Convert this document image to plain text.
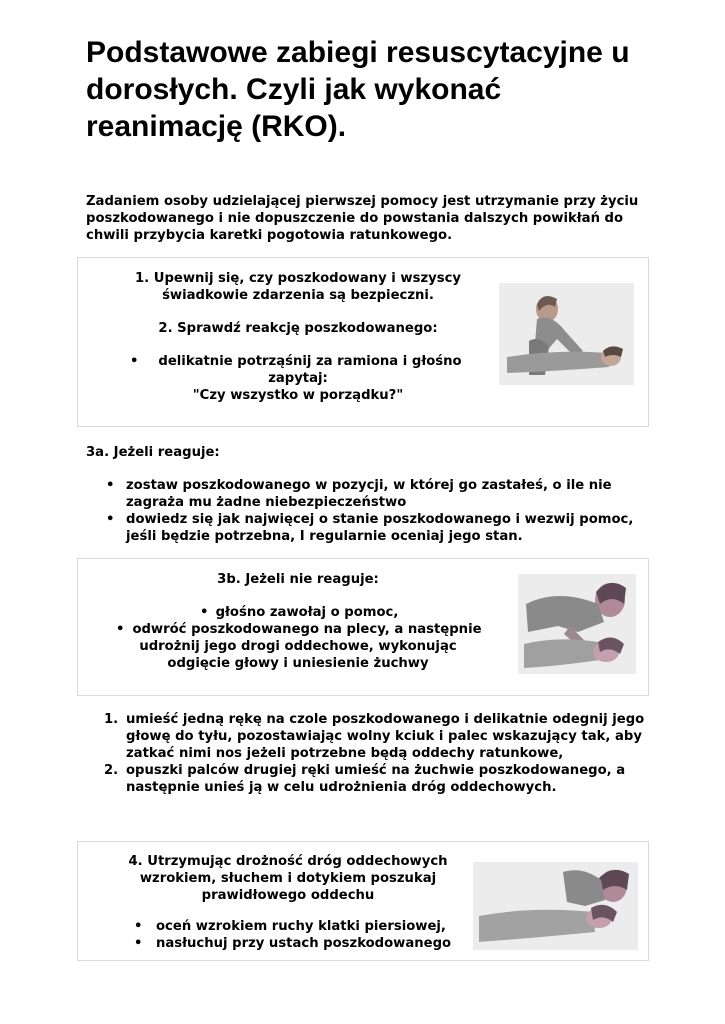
Podstawowe zabiegi resuscytacyjne u dorosłych. Czyli jak wykonać reanimację (RKO).
Zadaniem osoby udzielającej pierwszej pomocy jest utrzymanie przy życiu poszkodowanego i nie dopuszczenie do powstania dalszych powikłań do chwili przybycia karetki pogotowia ratunkowego.
1. Upewnij się, czy poszkodowany i wszyscy
świadkowie zdarzenia są bezpieczni.
2. Sprawdź reakcję poszkodowanego:
• delikatnie potrząśnij za ramiona i głośno
zapytaj:
"Czy wszystko w porządku?"
3a. Jeżeli reaguje:
• zostaw poszkodowanego w pozycji, w której go zastałeś, o ile nie zagraża mu żadne niebezpieczeństwo
• dowiedz się jak najwięcej o stanie poszkodowanego i wezwij pomoc, jeśli będzie potrzebna, I regularnie oceniaj jego stan.
3b. Jeżeli nie reaguje:
• głośno zawołaj o pomoc,
• odwróć poszkodowanego na plecy, a następnie
udrożnij jego drogi oddechowe, wykonując
odgięcie głowy i uniesienie żuchwy
1. umieść jedną rękę na czole poszkodowanego i delikatnie odegnij jego głowę do tyłu, pozostawiając wolny kciuk i palec wskazujący tak, aby zatkać nimi nos jeżeli potrzebne będą oddechy ratunkowe,
2. opuszki palców drugiej ręki umieść na żuchwie poszkodowanego, a następnie unieś ją w celu udrożnienia dróg oddechowych.
4. Utrzymując drożność dróg oddechowych
wzrokiem, słuchem i dotykiem poszukaj
prawidłowego oddechu
• oceń wzrokiem ruchy klatki piersiowej,
• nasłuchuj przy ustach poszkodowanego
